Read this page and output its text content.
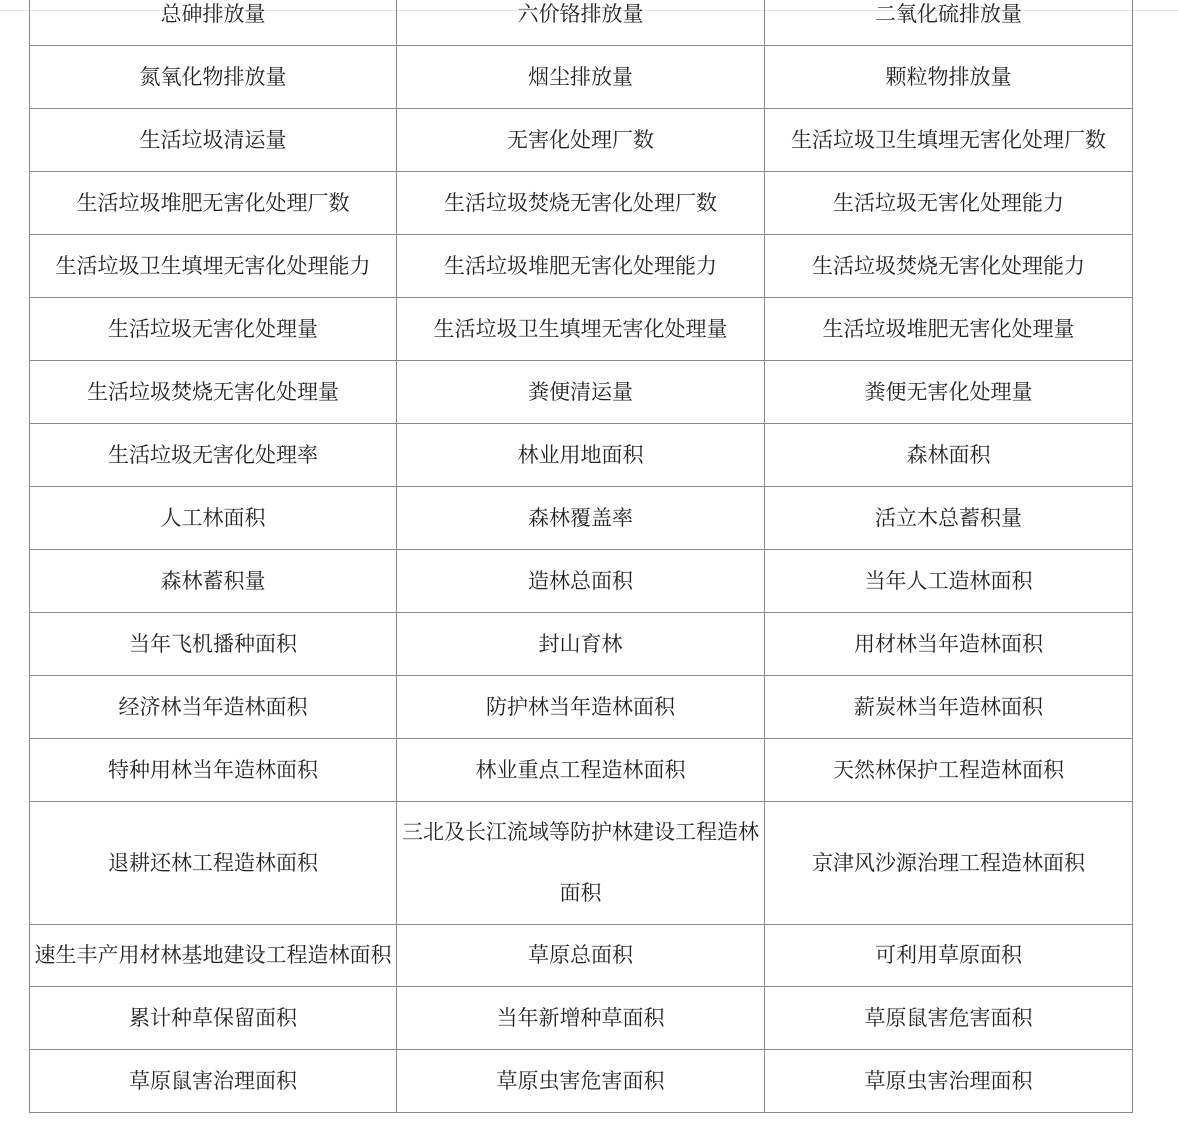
总砷排放量	六价铬排放量	二氧化硫排放量
氮氧化物排放量	烟尘排放量	颗粒物排放量
生活垃圾清运量	无害化处理厂数	生活垃圾卫生填埋无害化处理厂数
生活垃圾堆肥无害化处理厂数	生活垃圾焚烧无害化处理厂数	生活垃圾无害化处理能力
生活垃圾卫生填埋无害化处理能力	生活垃圾堆肥无害化处理能力	生活垃圾焚烧无害化处理能力
生活垃圾无害化处理量	生活垃圾卫生填埋无害化处理量	生活垃圾堆肥无害化处理量
生活垃圾焚烧无害化处理量	粪便清运量	粪便无害化处理量
生活垃圾无害化处理率	林业用地面积	森林面积
人工林面积	森林覆盖率	活立木总蓄积量
森林蓄积量	造林总面积	当年人工造林面积
当年飞机播种面积	封山育林	用材林当年造林面积
经济林当年造林面积	防护林当年造林面积	薪炭林当年造林面积
特种用林当年造林面积	林业重点工程造林面积	天然林保护工程造林面积
退耕还林工程造林面积	三北及长江流域等防护林建设工程造林面积	京津风沙源治理工程造林面积
速生丰产用材林基地建设工程造林面积	草原总面积	可利用草原面积
累计种草保留面积	当年新增种草面积	草原鼠害危害面积
草原鼠害治理面积	草原虫害危害面积	草原虫害治理面积
